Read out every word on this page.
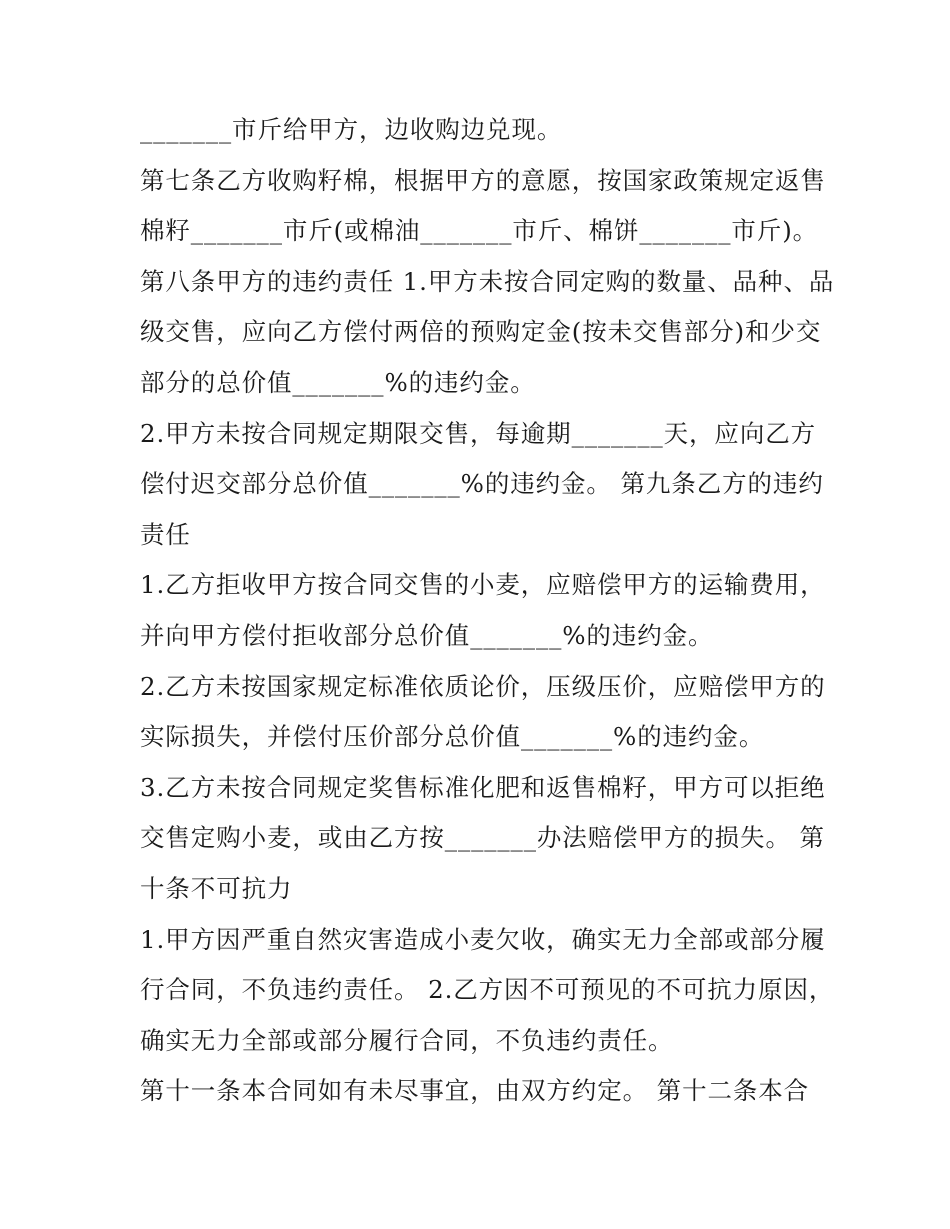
_______市斤给甲方，边收购边兑现。
第七条乙方收购籽棉，根据甲方的意愿，按国家政策规定返售
棉籽_______市斤(或棉油_______市斤、棉饼_______市斤)。
第八条甲方的违约责任 1.甲方未按合同定购的数量、品种、品
级交售，应向乙方偿付两倍的预购定金(按未交售部分)和少交
部分的总价值_______%的违约金。
2.甲方未按合同规定期限交售，每逾期_______天，应向乙方
偿付迟交部分总价值_______%的违约金。 第九条乙方的违约
责任
1.乙方拒收甲方按合同交售的小麦，应赔偿甲方的运输费用，
并向甲方偿付拒收部分总价值_______%的违约金。
2.乙方未按国家规定标准依质论价，压级压价，应赔偿甲方的
实际损失，并偿付压价部分总价值_______%的违约金。
3.乙方未按合同规定奖售标准化肥和返售棉籽，甲方可以拒绝
交售定购小麦，或由乙方按_______办法赔偿甲方的损失。 第
十条不可抗力
1.甲方因严重自然灾害造成小麦欠收，确实无力全部或部分履
行合同，不负违约责任。 2.乙方因不可预见的不可抗力原因，
确实无力全部或部分履行合同，不负违约责任。
第十一条本合同如有未尽事宜，由双方约定。 第十二条本合
